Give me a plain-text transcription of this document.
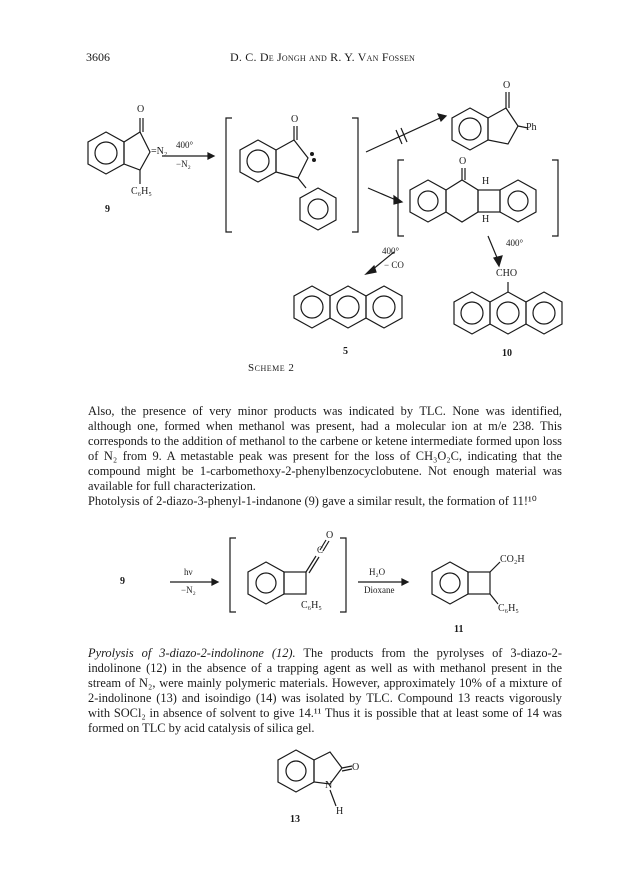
3606	D. C. De Jongh and R. Y. Van Fossen
O
=N₂
C₆H₅
9
400°
−N₂
O
O
Ph
O
H
H
400°
400°
− CO
CHO
5	10
Scheme 2
Also, the presence of very minor products was indicated by TLC. None was identified, although one, formed when methanol was present, had a molecular ion at m/e 238. This corresponds to the addition of methanol to the carbene or ketene intermediate formed upon loss of N₂ from 9. A metastable peak was present for the loss of CH₃O₂C, indicating that the compound might be 1-carbomethoxy-2-phenylbenzocyclobutene. Not enough material was available for full characterization.
Photolysis of 2-diazo-3-phenyl-1-indanone (9) gave a similar result, the formation of 11!¹⁰
9
hν
−N₂
O
C
C₆H₅
H₂O
Dioxane
CO₂H
C₆H₅
11
Pyrolysis of 3-diazo-2-indolinone (12). The products from the pyrolyses of 3-diazo-2-indolinone (12) in the absence of a trapping agent as well as with methanol present in the stream of N₂, were mainly polymeric materials. However, approximately 10% of a mixture of 2-indolinone (13) and isoindigo (14) was isolated by TLC. Compound 13 reacts vigorously with SOCl₂ in absence of solvent to give 14.¹¹ Thus it is possible that at least some of 14 was formed on TLC by acid catalysis of silica gel.
O
N
H
13
